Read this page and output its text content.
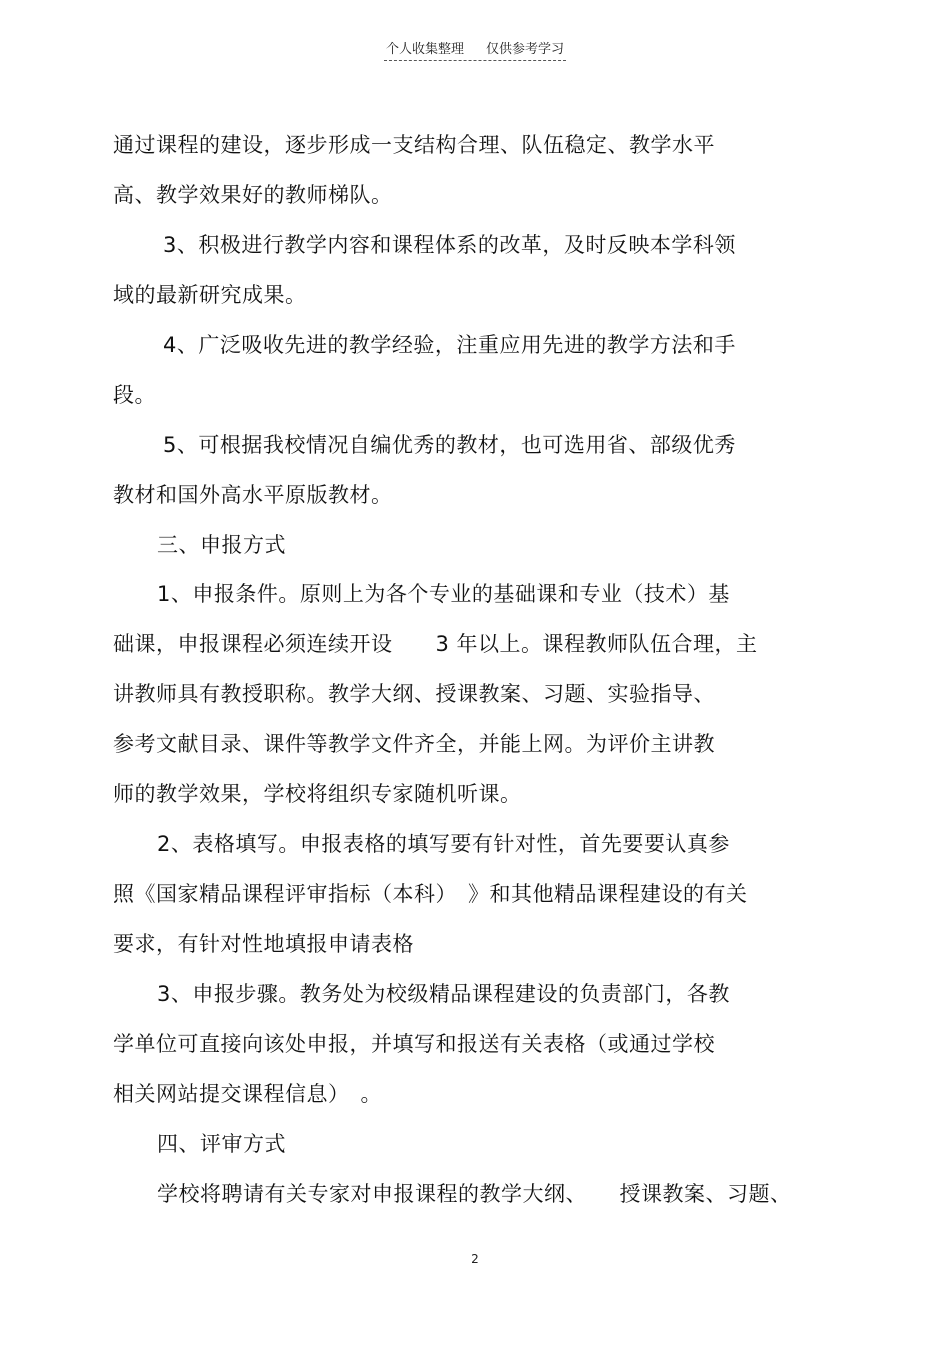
个人收集整理 仅供参考学习
通过课程的建设，逐步形成一支结构合理、队伍稳定、教学水平
高、教学效果好的教师梯队。
3、积极进行教学内容和课程体系的改革，及时反映本学科领
域的最新研究成果。
4、广泛吸收先进的教学经验，注重应用先进的教学方法和手
段。
5、可根据我校情况自编优秀的教材，也可选用省、部级优秀
教材和国外高水平原版教材。
三、申报方式
1、申报条件。原则上为各个专业的基础课和专业（技术）基
础课，申报课程必须连续开设　　3 年以上。课程教师队伍合理，主
讲教师具有教授职称。教学大纲、授课教案、习题、实验指导、
参考文献目录、课件等教学文件齐全，并能上网。为评价主讲教
师的教学效果，学校将组织专家随机听课。
2、表格填写。申报表格的填写要有针对性，首先要要认真参
照《国家精品课程评审指标（本科）　》和其他精品课程建设的有关
要求，有针对性地填报申请表格
3、申报步骤。教务处为校级精品课程建设的负责部门，各教
学单位可直接向该处申报，并填写和报送有关表格（或通过学校
相关网站提交课程信息）　。
四、评审方式
学校将聘请有关专家对申报课程的教学大纲、　　授课教案、习题、
2
